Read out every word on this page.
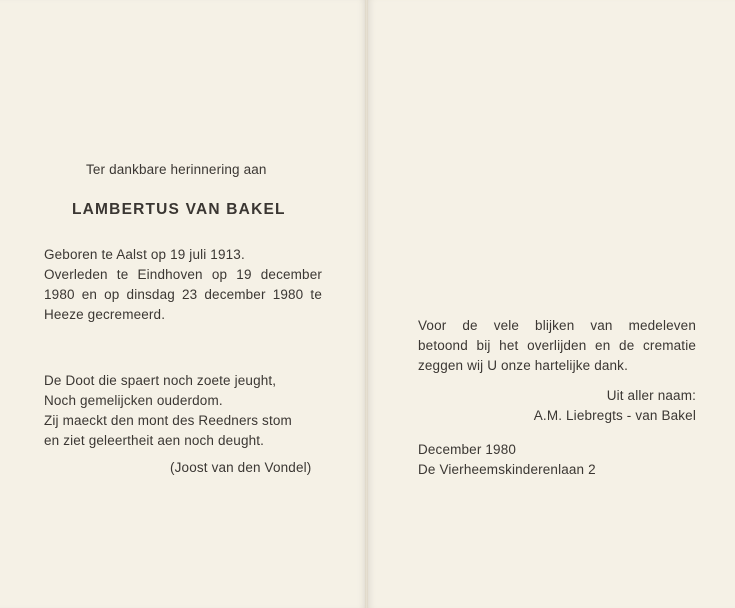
Ter dankbare herinnering aan
LAMBERTUS VAN BAKEL
Geboren te Aalst op 19 juli 1913.
Overleden te Eindhoven op 19 december
1980 en op dinsdag 23 december 1980 te
Heeze gecremeerd.
De Doot die spaert noch zoete jeught,
Noch gemelijcken ouderdom.
Zij maeckt den mont des Reedners stom
en ziet geleertheit aen noch deught.
(Joost van den Vondel)
Voor de vele blijken van medeleven
betoond bij het overlijden en de crematie
zeggen wij U onze hartelijke dank.
Uit aller naam:
A.M. Liebregts - van Bakel
December 1980
De Vierheemskinderenlaan 2
